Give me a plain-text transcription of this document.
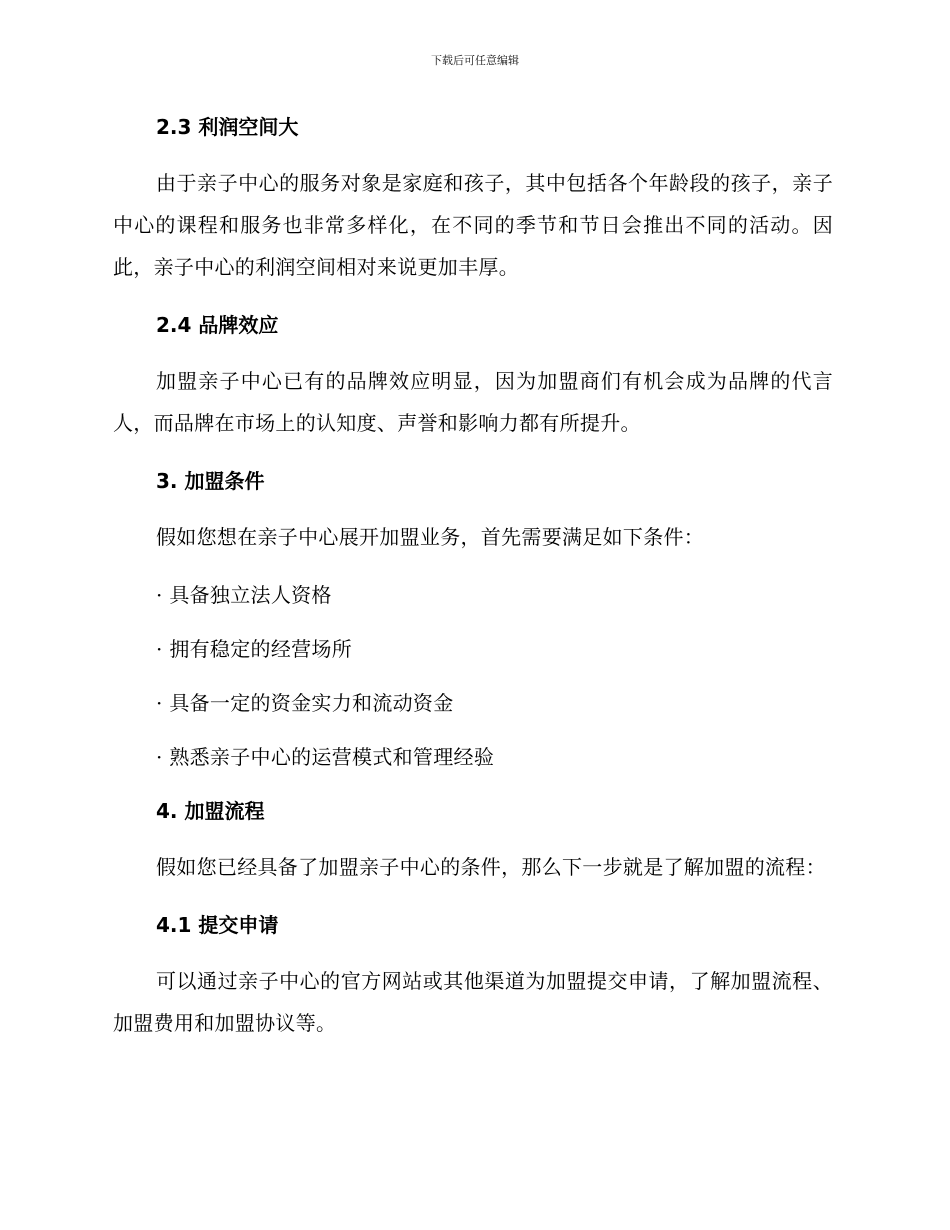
下载后可任意编辑
2.3 利润空间大

由于亲子中心的服务对象是家庭和孩子，其中包括各个年龄段的孩子，亲子中心的课程和服务也非常多样化，在不同的季节和节日会推出不同的活动。因此，亲子中心的利润空间相对来说更加丰厚。

2.4 品牌效应

加盟亲子中心已有的品牌效应明显，因为加盟商们有机会成为品牌的代言人，而品牌在市场上的认知度、声誉和影响力都有所提升。

3. 加盟条件

假如您想在亲子中心展开加盟业务，首先需要满足如下条件：

· 具备独立法人资格
· 拥有稳定的经营场所
· 具备一定的资金实力和流动资金
· 熟悉亲子中心的运营模式和管理经验
4. 加盟流程

假如您已经具备了加盟亲子中心的条件，那么下一步就是了解加盟的流程：

4.1 提交申请

可以通过亲子中心的官方网站或其他渠道为加盟提交申请，了解加盟流程、加盟费用和加盟协议等。
